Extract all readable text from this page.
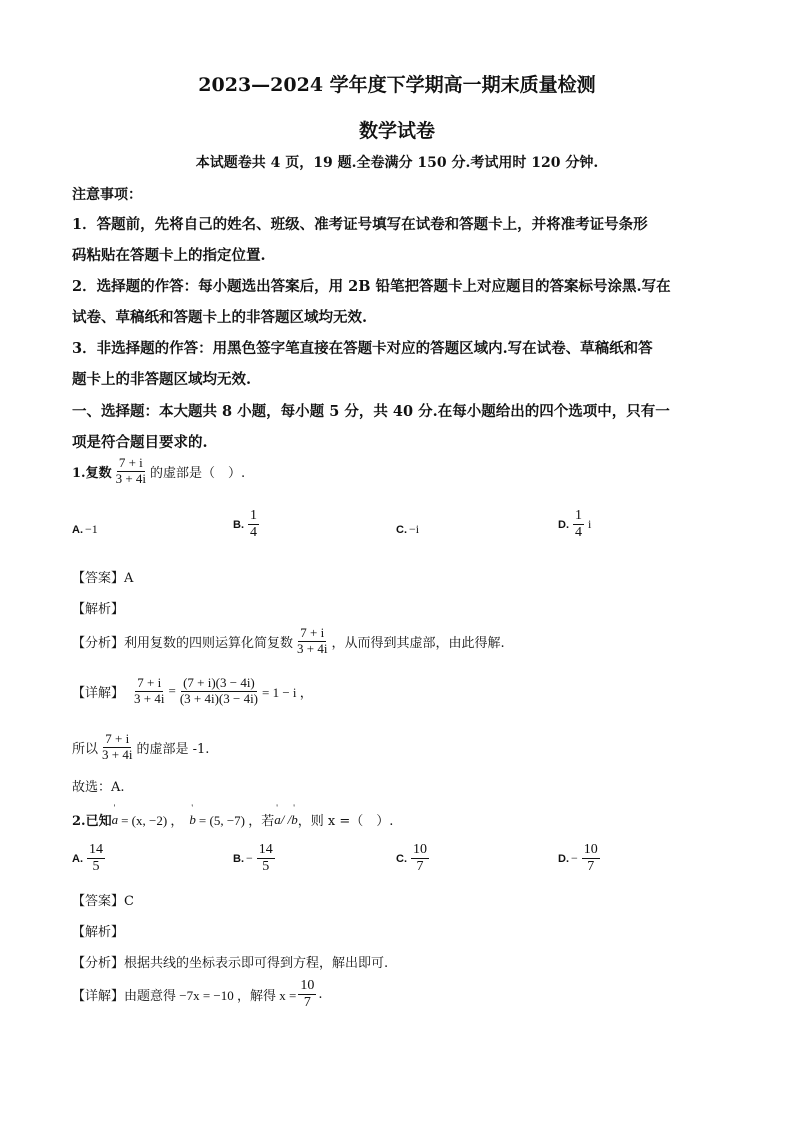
2023—2024 学年度下学期高一期末质量检测
数学试卷
本试题卷共 4 页，19 题.全卷满分 150 分.考试用时 120 分钟.
注意事项：
1．答题前，先将自己的姓名、班级、准考证号填写在试卷和答题卡上，并将准考证号条形
码粘贴在答题卡上的指定位置.
2．选择题的作答：每小题选出答案后，用 2B 铅笔把答题卡上对应题目的答案标号涂黑.写在
试卷、草稿纸和答题卡上的非答题区域均无效.
3．非选择题的作答：用黑色签字笔直接在答题卡对应的答题区域内.写在试卷、草稿纸和答
题卡上的非答题区域均无效.
一、选择题：本大题共 8 小题，每小题 5 分，共 40 分.在每小题给出的四个选项中，只有一
项是符合题目要求的.
1.复数 $\frac{7 + i}{3 + 4i}$ 的虚部是（　）.
A. −1	B. $\frac{1}{4}$	C. −i	D. $\frac{1}{4}$ i
【答案】A
【解析】
【分析】 利用复数的四则运算化简复数 $\frac{7 + i}{3 + 4i}$ ，从而得到其虚部，由此得解.
【详解】 $\frac{7 + i}{3 + 4i} = \frac{(7 + i)(3 - 4i)}{(3 + 4i)(3 - 4i)} = 1 - i$ ，
所以 $\frac{7 + i}{3 + 4i}$ 的虚部是 -1.
故选：A.
2.已知 ' a = (x, −2) ， ' b = (5, −7) ，若 ' a / / ' b ，则 x =（　）.
A. $\frac{14}{5}$	B. − $\frac{14}{5}$	C. $\frac{10}{7}$	D. − $\frac{10}{7}$
【答案】C
【解析】
【分析】根据共线的坐标表示即可得到方程，解出即可.
【详解】 由题意得 −7x = −10 ，解得 $x = \frac{10}{7}$ .
